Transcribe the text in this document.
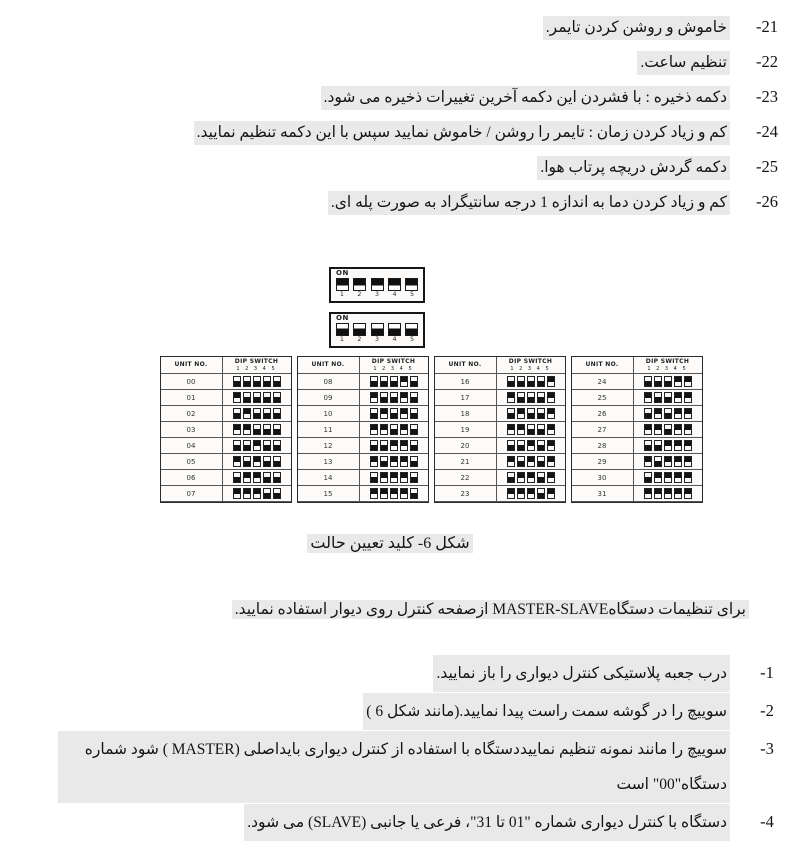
-21
خاموش و روشن کردن تایمر.
-22
تنظیم ساعت.
-23
دکمه ذخیره : با فشردن این دکمه آخرین تغییرات ذخیره می شود.
-24
کم و زیاد کردن زمان : تایمر را روشن / خاموش نمایید سپس با این دکمه تنظیم نمایید.
-25
دکمه گردش دریچه پرتاب هوا.
-26
کم و زیاد کردن دما به اندازه 1 درجه سانتیگراد به صورت پله ای.
ON
1 2 3 4 5
ON
1 2 3 4 5
UNIT NO.	DIP SWITCH
1 2 3 4 5
00
01
02
03
04
05
06
07
UNIT NO.	DIP SWITCH
1 2 3 4 5
08
09
10
11
12
13
14
15
UNIT NO.	DIP SWITCH
1 2 3 4 5
16
17
18
19
20
21
22
23
UNIT NO.	DIP SWITCH
1 2 3 4 5
24
25
26
27
28
29
30
31
شکل 6- کلید تعیین حالت
برای تنظیمات دستگاهMASTER-SLAVE ازصفحه کنترل روی دیوار استفاده نمایید.
-1
درب جعبه پلاستیکی کنترل دیواری را باز نمایید.
-2
سوییچ را در گوشه سمت راست پیدا نمایید.(مانند شکل 6 )
-3
سوییچ را مانند نمونه تنظیم نماییددستگاه با استفاده از کنترل دیواری بایداصلی (MASTER ) شود شماره دستگاه"00" است
-4
دستگاه با کنترل دیواری شماره "01 تا 31"، فرعی یا جانبی (SLAVE) می شود.
